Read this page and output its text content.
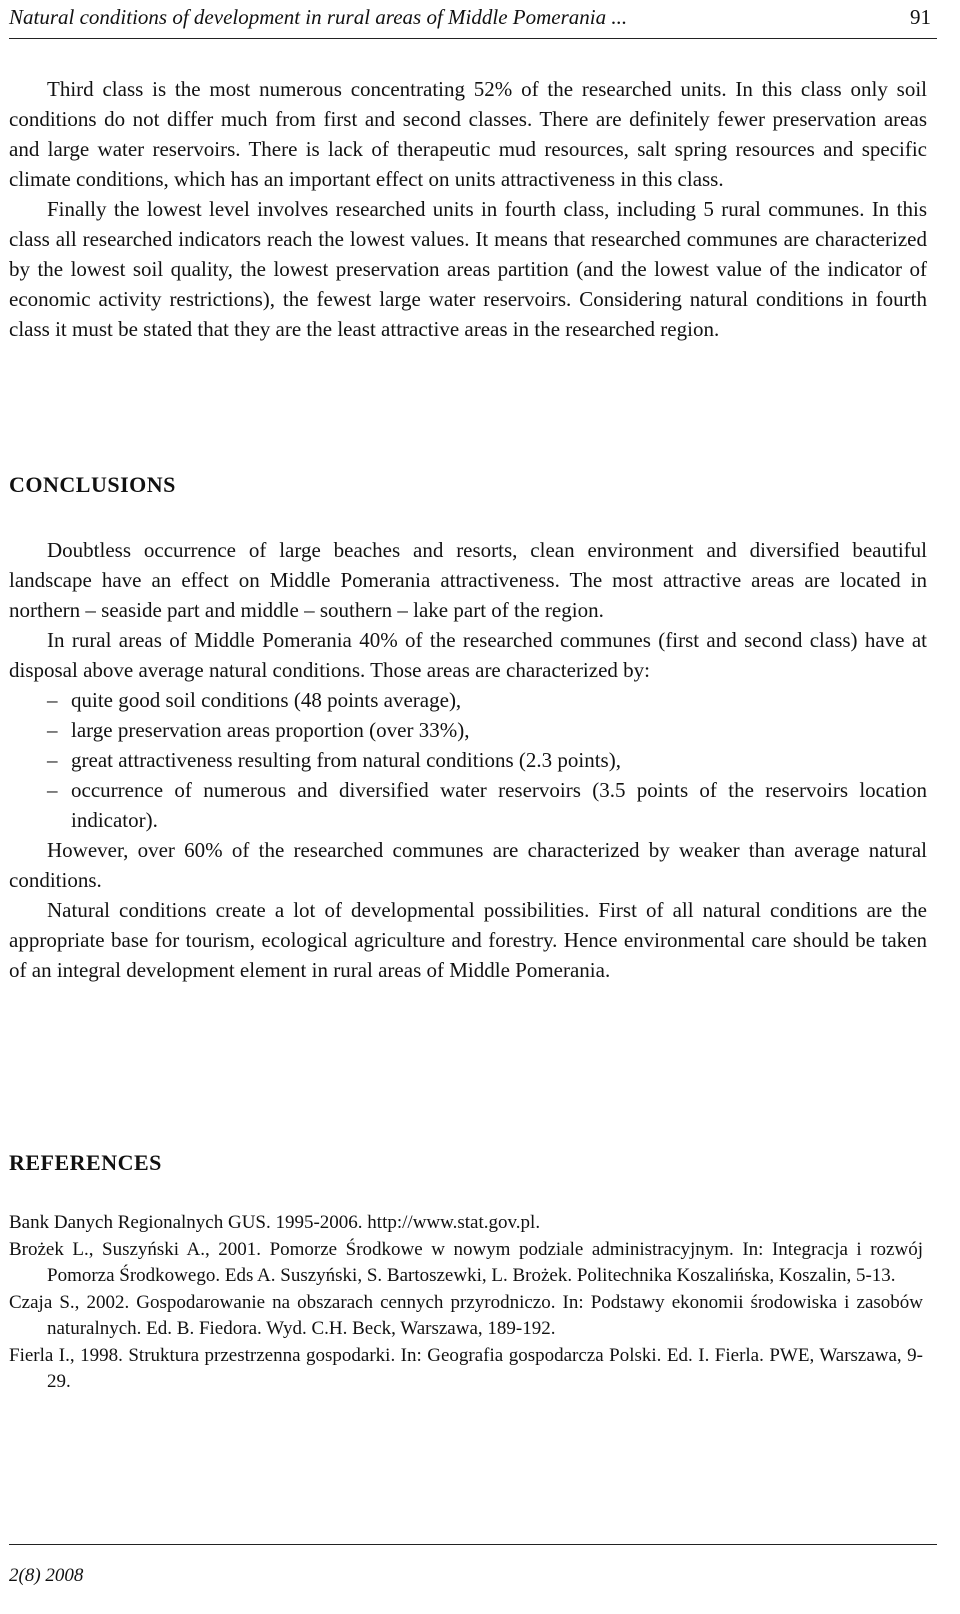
Natural conditions of development in rural areas of Middle Pomerania ...	91

Third class is the most numerous concentrating 52% of the researched units. In this class only soil conditions do not differ much from first and second classes. There are definitely fewer preservation areas and large water reservoirs. There is lack of therapeutic mud resources, salt spring resources and specific climate conditions, which has an important effect on units attractiveness in this class.

Finally the lowest level involves researched units in fourth class, including 5 rural communes. In this class all researched indicators reach the lowest values. It means that researched communes are characterized by the lowest soil quality, the lowest preservation areas partition (and the lowest value of the indicator of economic activity restrictions), the fewest large water reservoirs. Considering natural conditions in fourth class it must be stated that they are the least attractive areas in the researched region.

CONCLUSIONS

Doubtless occurrence of large beaches and resorts, clean environment and diversified beautiful landscape have an effect on Middle Pomerania attractiveness. The most attractive areas are located in northern – seaside part and middle – southern – lake part of the region.

In rural areas of Middle Pomerania 40% of the researched communes (first and second class) have at disposal above average natural conditions. Those areas are characterized by:

– quite good soil conditions (48 points average),
– large preservation areas proportion (over 33%),
– great attractiveness resulting from natural conditions (2.3 points),
– occurrence of numerous and diversified water reservoirs (3.5 points of the reservoirs location indicator).

However, over 60% of the researched communes are characterized by weaker than average natural conditions.

Natural conditions create a lot of developmental possibilities. First of all natural conditions are the appropriate base for tourism, ecological agriculture and forestry. Hence environmental care should be taken of an integral development element in rural areas of Middle Pomerania.

REFERENCES

Bank Danych Regionalnych GUS. 1995-2006. http://www.stat.gov.pl.

Brożek L., Suszyński A., 2001. Pomorze Środkowe w nowym podziale administracyjnym. In: Integracja i rozwój Pomorza Środkowego. Eds A. Suszyński, S. Bartoszewki, L. Brożek. Politechnika Koszalińska, Koszalin, 5-13.

Czaja S., 2002. Gospodarowanie na obszarach cennych przyrodniczo. In: Podstawy ekonomii środowiska i zasobów naturalnych. Ed. B. Fiedora. Wyd. C.H. Beck, Warszawa, 189-192.

Fierla I., 1998. Struktura przestrzenna gospodarki. In: Geografia gospodarcza Polski. Ed. I. Fierla. PWE, Warszawa, 9-29.

2(8) 2008
